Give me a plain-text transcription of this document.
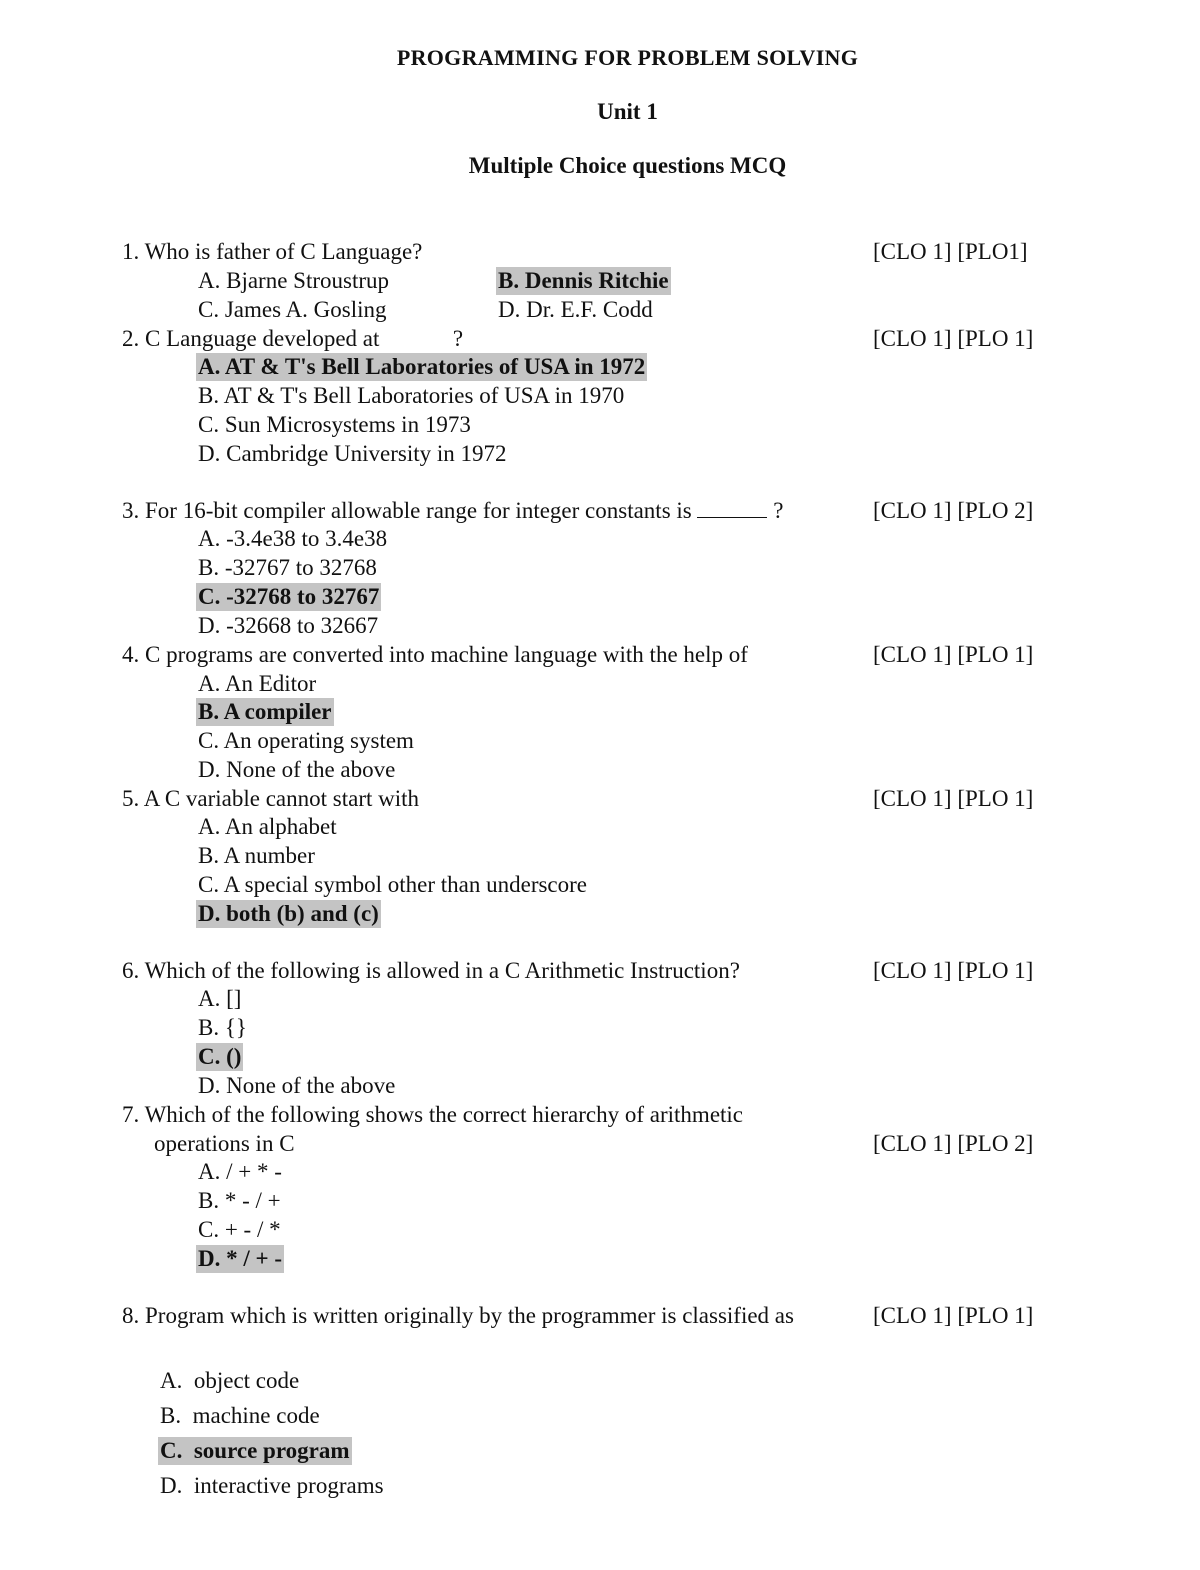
PROGRAMMING FOR PROBLEM SOLVING
Unit 1
Multiple Choice questions MCQ
1. Who is father of C Language?	[CLO 1] [PLO1]
A. Bjarne Stroustrup	B. Dennis Ritchie
C. James A. Gosling	D. Dr. E.F. Codd
2. C Language developed at	?	[CLO 1] [PLO 1]
A. AT & T's Bell Laboratories of USA in 1972
B. AT & T's Bell Laboratories of USA in 1970
C. Sun Microsystems in 1973
D. Cambridge University in 1972
3. For 16-bit compiler allowable range for integer constants is	?	[CLO 1] [PLO 2]
A. -3.4e38 to 3.4e38
B. -32767 to 32768
C. -32768 to 32767
D. -32668 to 32667
4. C programs are converted into machine language with the help of	[CLO 1] [PLO 1]
A. An Editor
B. A compiler
C. An operating system
D. None of the above
5. A C variable cannot start with	[CLO 1] [PLO 1]
A. An alphabet
B. A number
C. A special symbol other than underscore
D. both (b) and (c)
6. Which of the following is allowed in a C Arithmetic Instruction?	[CLO 1] [PLO 1]
A. []
B. {}
C. ()
D. None of the above
7. Which of the following shows the correct hierarchy of arithmetic
operations in C	[CLO 1] [PLO 2]
A. / + * -
B. * - / +
C. + - / *
D. * / + -
8. Program which is written originally by the programmer is classified as	[CLO 1] [PLO 1]
A.  object code
B.  machine code
C.  source program
D.  interactive programs
